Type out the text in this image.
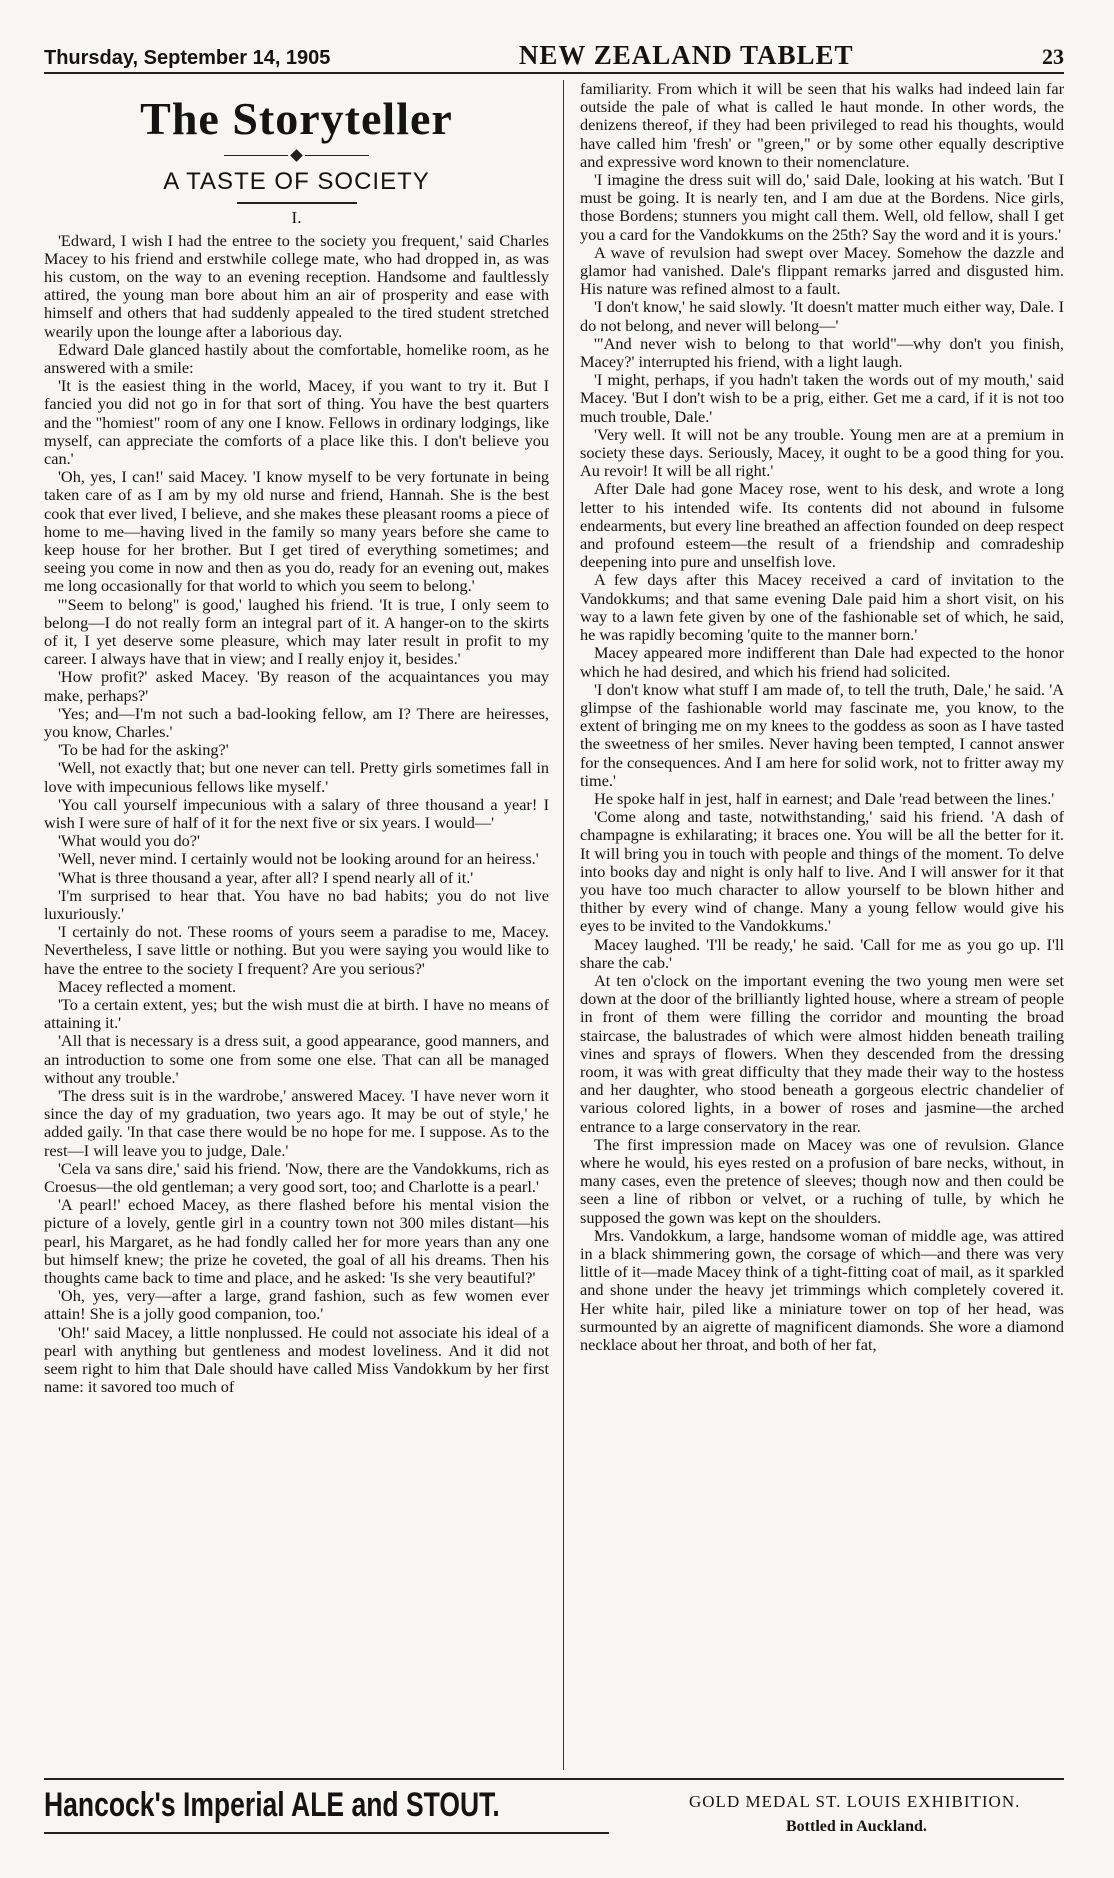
Thursday, September 14, 1905	NEW ZEALAND TABLET	23
The Storyteller
A TASTE OF SOCIETY
I.

'Edward, I wish I had the entree to the society you frequent,' said Charles Macey to his friend and erstwhile college mate, who had dropped in, as was his custom, on the way to an evening reception. Handsome and faultlessly attired, the young man bore about him an air of prosperity and ease with himself and others that had suddenly appealed to the tired student stretched wearily upon the lounge after a laborious day.

Edward Dale glanced hastily about the comfortable, homelike room, as he answered with a smile:

'It is the easiest thing in the world, Macey, if you want to try it. But I fancied you did not go in for that sort of thing. You have the best quarters and the "homiest" room of any one I know. Fellows in ordinary lodgings, like myself, can appreciate the comforts of a place like this. I don't believe you can.'

'Oh, yes, I can!' said Macey. 'I know myself to be very fortunate in being taken care of as I am by my old nurse and friend, Hannah. She is the best cook that ever lived, I believe, and she makes these pleasant rooms a piece of home to me—having lived in the family so many years before she came to keep house for her brother. But I get tired of everything sometimes; and seeing you come in now and then as you do, ready for an evening out, makes me long occasionally for that world to which you seem to belong.'

'"Seem to belong" is good,' laughed his friend. 'It is true, I only seem to belong—I do not really form an integral part of it. A hanger-on to the skirts of it, I yet deserve some pleasure, which may later result in profit to my career. I always have that in view; and I really enjoy it, besides.'

'How profit?' asked Macey. 'By reason of the acquaintances you may make, perhaps?'

'Yes; and—I'm not such a bad-looking fellow, am I? There are heiresses, you know, Charles.'

'To be had for the asking?'

'Well, not exactly that; but one never can tell. Pretty girls sometimes fall in love with impecunious fellows like myself.'

'You call yourself impecunious with a salary of three thousand a year! I wish I were sure of half of it for the next five or six years. I would—'

'What would you do?'

'Well, never mind. I certainly would not be looking around for an heiress.'

'What is three thousand a year, after all? I spend nearly all of it.'

'I'm surprised to hear that. You have no bad habits; you do not live luxuriously.'

'I certainly do not. These rooms of yours seem a paradise to me, Macey. Nevertheless, I save little or nothing. But you were saying you would like to have the entree to the society I frequent? Are you serious?'

Macey reflected a moment.

'To a certain extent, yes; but the wish must die at birth. I have no means of attaining it.'

'All that is necessary is a dress suit, a good appearance, good manners, and an introduction to some one from some one else. That can all be managed without any trouble.'

'The dress suit is in the wardrobe,' answered Macey. 'I have never worn it since the day of my graduation, two years ago. It may be out of style,' he added gaily. 'In that case there would be no hope for me. I suppose. As to the rest—I will leave you to judge, Dale.'

'Cela va sans dire,' said his friend. 'Now, there are the Vandokkums, rich as Croesus—the old gentleman; a very good sort, too; and Charlotte is a pearl.'

'A pearl!' echoed Macey, as there flashed before his mental vision the picture of a lovely, gentle girl in a country town not 300 miles distant—his pearl, his Margaret, as he had fondly called her for more years than any one but himself knew; the prize he coveted, the goal of all his dreams. Then his thoughts came back to time and place, and he asked: 'Is she very beautiful?'

'Oh, yes, very—after a large, grand fashion, such as few women ever attain! She is a jolly good companion, too.'

'Oh!' said Macey, a little nonplussed. He could not associate his ideal of a pearl with anything but gentleness and modest loveliness. And it did not seem right to him that Dale should have called Miss Vandokkum by her first name: it savored too much of

familiarity. From which it will be seen that his walks had indeed lain far outside the pale of what is called le haut monde. In other words, the denizens thereof, if they had been privileged to read his thoughts, would have called him 'fresh' or "green," or by some other equally descriptive and expressive word known to their nomenclature.

'I imagine the dress suit will do,' said Dale, looking at his watch. 'But I must be going. It is nearly ten, and I am due at the Bordens. Nice girls, those Bordens; stunners you might call them. Well, old fellow, shall I get you a card for the Vandokkums on the 25th? Say the word and it is yours.'

A wave of revulsion had swept over Macey. Somehow the dazzle and glamor had vanished. Dale's flippant remarks jarred and disgusted him. His nature was refined almost to a fault.

'I don't know,' he said slowly. 'It doesn't matter much either way, Dale. I do not belong, and never will belong—'

'"And never wish to belong to that world"—why don't you finish, Macey?' interrupted his friend, with a light laugh.

'I might, perhaps, if you hadn't taken the words out of my mouth,' said Macey. 'But I don't wish to be a prig, either. Get me a card, if it is not too much trouble, Dale.'

'Very well. It will not be any trouble. Young men are at a premium in society these days. Seriously, Macey, it ought to be a good thing for you. Au revoir! It will be all right.'

After Dale had gone Macey rose, went to his desk, and wrote a long letter to his intended wife. Its contents did not abound in fulsome endearments, but every line breathed an affection founded on deep respect and profound esteem—the result of a friendship and comradeship deepening into pure and unselfish love.

A few days after this Macey received a card of invitation to the Vandokkums; and that same evening Dale paid him a short visit, on his way to a lawn fete given by one of the fashionable set of which, he said, he was rapidly becoming 'quite to the manner born.'

Macey appeared more indifferent than Dale had expected to the honor which he had desired, and which his friend had solicited.

'I don't know what stuff I am made of, to tell the truth, Dale,' he said. 'A glimpse of the fashionable world may fascinate me, you know, to the extent of bringing me on my knees to the goddess as soon as I have tasted the sweetness of her smiles. Never having been tempted, I cannot answer for the consequences. And I am here for solid work, not to fritter away my time.'

He spoke half in jest, half in earnest; and Dale 'read between the lines.'

'Come along and taste, notwithstanding,' said his friend. 'A dash of champagne is exhilarating; it braces one. You will be all the better for it. It will bring you in touch with people and things of the moment. To delve into books day and night is only half to live. And I will answer for it that you have too much character to allow yourself to be blown hither and thither by every wind of change. Many a young fellow would give his eyes to be invited to the Vandokkums.'

Macey laughed. 'I'll be ready,' he said. 'Call for me as you go up. I'll share the cab.'

At ten o'clock on the important evening the two young men were set down at the door of the brilliantly lighted house, where a stream of people in front of them were filling the corridor and mounting the broad staircase, the balustrades of which were almost hidden beneath trailing vines and sprays of flowers. When they descended from the dressing room, it was with great difficulty that they made their way to the hostess and her daughter, who stood beneath a gorgeous electric chandelier of various colored lights, in a bower of roses and jasmine—the arched entrance to a large conservatory in the rear.

The first impression made on Macey was one of revulsion. Glance where he would, his eyes rested on a profusion of bare necks, without, in many cases, even the pretence of sleeves; though now and then could be seen a line of ribbon or velvet, or a ruching of tulle, by which he supposed the gown was kept on the shoulders.

Mrs. Vandokkum, a large, handsome woman of middle age, was attired in a black shimmering gown, the corsage of which—and there was very little of it—made Macey think of a tight-fitting coat of mail, as it sparkled and shone under the heavy jet trimmings which completely covered it. Her white hair, piled like a miniature tower on top of her head, was surmounted by an aigrette of magnificent diamonds. She wore a diamond necklace about her throat, and both of her fat,

Hancock's Imperial ALE and STOUT.	GOLD MEDAL ST. LOUIS EXHIBITION.
Bottled in Auckland.
